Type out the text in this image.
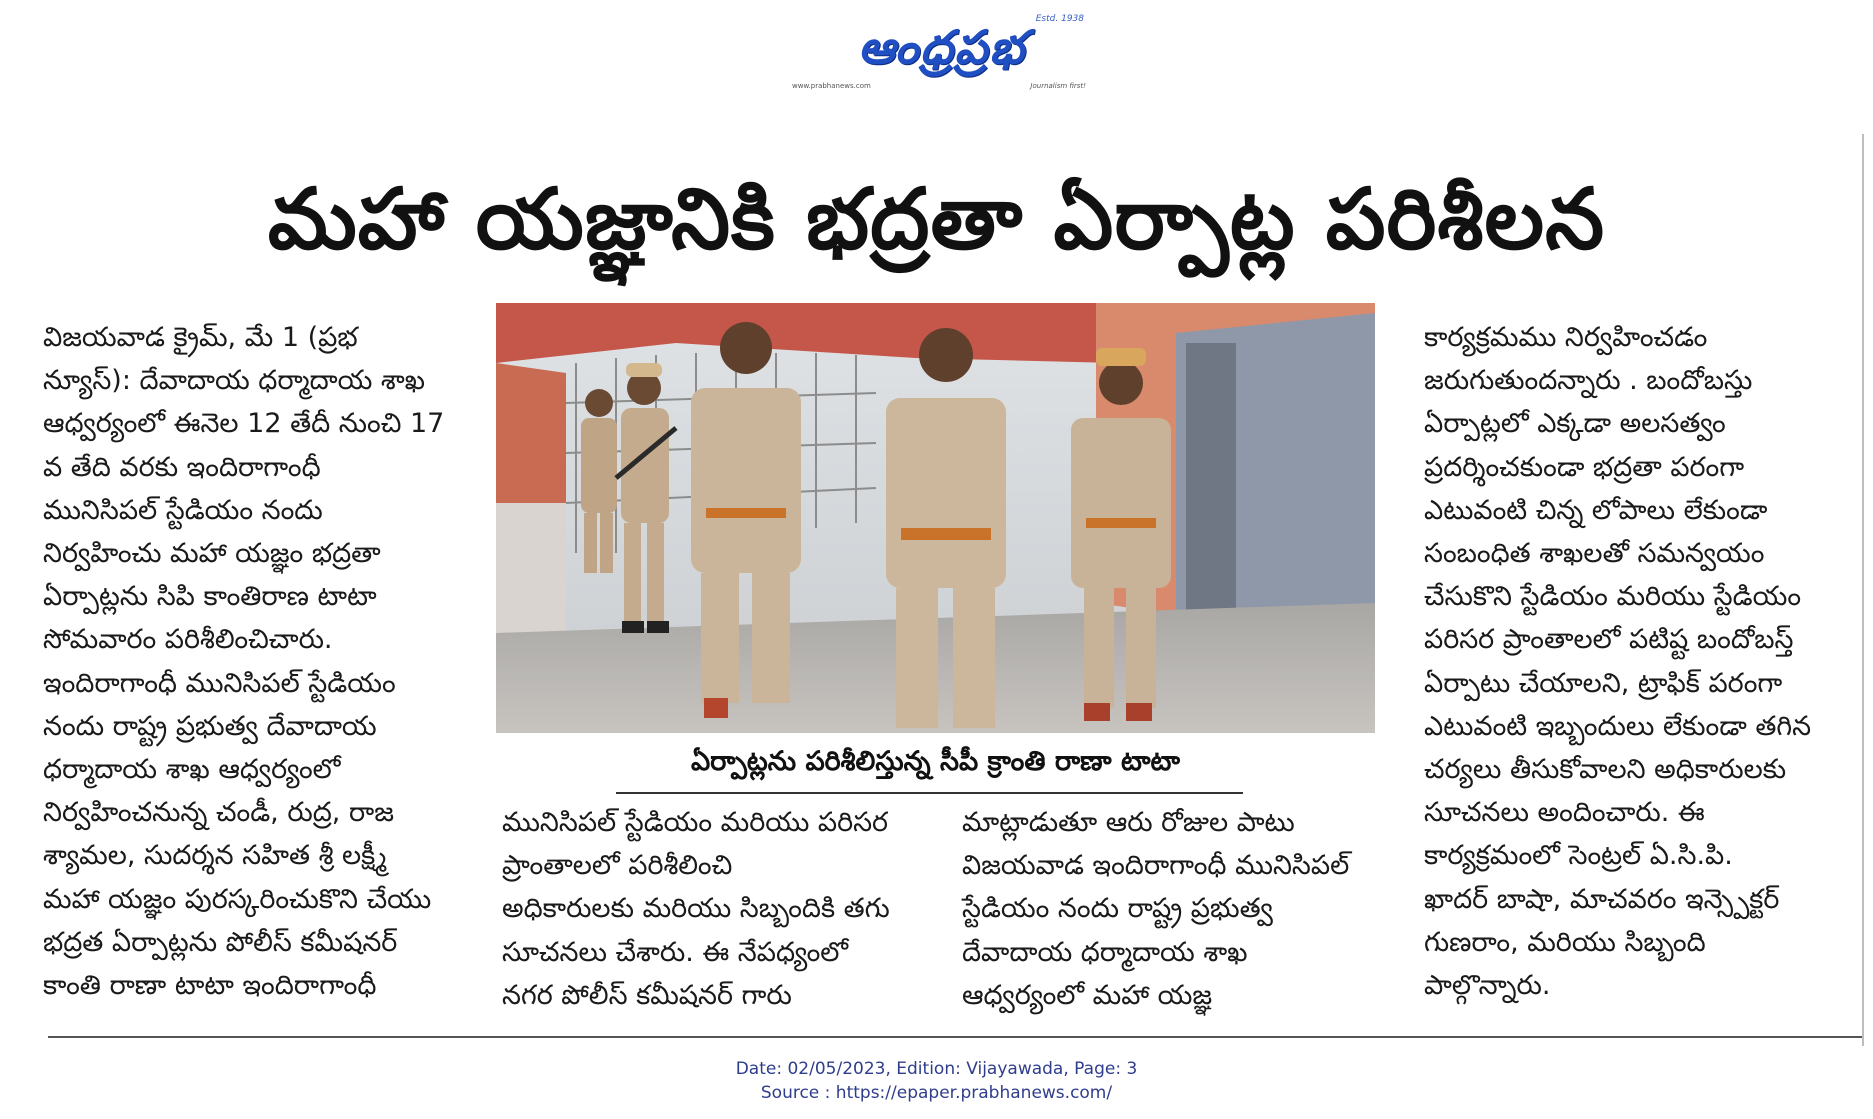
ఆంధ్రప్రభ
Estd. 1938
www.prabhanews.com	Journalism first!
మహా యజ్ఞానికి భద్రతా ఏర్పాట్ల పరిశీలన

విజయవాడ క్రైమ్, మే 1 (ప్రభ

న్యూస్): దేవాదాయ ధర్మాదాయ శాఖ

ఆధ్వర్యంలో ఈనెల 12 తేదీ నుంచి 17

వ తేది వరకు ఇందిరాగాంధీ

మునిసిపల్ స్టేడియం నందు

నిర్వహించు మహా యజ్ఞం భద్రతా

ఏర్పాట్లను సిపి కాంతిరాణ టాటా

సోమవారం పరిశీలించిచారు.

ఇందిరాగాంధీ మునిసిపల్ స్టేడియం

నందు రాష్ట్ర ప్రభుత్వ దేవాదాయ

ధర్మాదాయ శాఖ ఆధ్వర్యంలో

నిర్వహించనున్న చండీ, రుద్ర, రాజ

శ్యామల, సుదర్శన సహిత శ్రీ లక్ష్మీ

మహా యజ్ఞం పురస్కరించుకొని చేయు

భద్రత ఏర్పాట్లను పోలీస్ కమీషనర్

కాంతి రాణా టాటా ఇందిరాగాంధీ

ఏర్పాట్లను పరిశీలిస్తున్న సీపీ క్రాంతి రాణా టాటా

మునిసిపల్ స్టేడియం మరియు పరిసర

ప్రాంతాలలో పరిశీలించి

అధికారులకు మరియు సిబ్బందికి తగు

సూచనలు చేశారు. ఈ నేపధ్యంలో

నగర పోలీస్ కమీషనర్ గారు

మాట్లాడుతూ ఆరు రోజుల పాటు

విజయవాడ ఇందిరాగాంధీ మునిసిపల్

స్టేడియం నందు రాష్ట్ర ప్రభుత్వ

దేవాదాయ ధర్మాదాయ శాఖ

ఆధ్వర్యంలో మహా యజ్ఞ

కార్యక్రమము నిర్వహించడం

జరుగుతుందన్నారు . బందోబస్తు

ఏర్పాట్లలో ఎక్కడా అలసత్వం

ప్రదర్శించకుండా భద్రతా పరంగా

ఎటువంటి చిన్న లోపాలు లేకుండా

సంబంధిత శాఖలతో సమన్వయం

చేసుకొని స్టేడియం మరియు స్టేడియం

పరిసర ప్రాంతాలలో పటిష్ట బందోబస్త్

ఏర్పాటు చేయాలని, ట్రాఫిక్ పరంగా

ఎటువంటి ఇబ్బందులు లేకుండా తగిన

చర్యలు తీసుకోవాలని అధికారులకు

సూచనలు అందించారు. ఈ

కార్యక్రమంలో సెంట్రల్ ఏ.సి.పి.

ఖాదర్ బాషా, మాచవరం ఇన్స్పెక్టర్

గుణరాం, మరియు సిబ్బంది

పాల్గొన్నారు.

Date: 02/05/2023, Edition: Vijayawada, Page: 3

Source : https://epaper.prabhanews.com/
